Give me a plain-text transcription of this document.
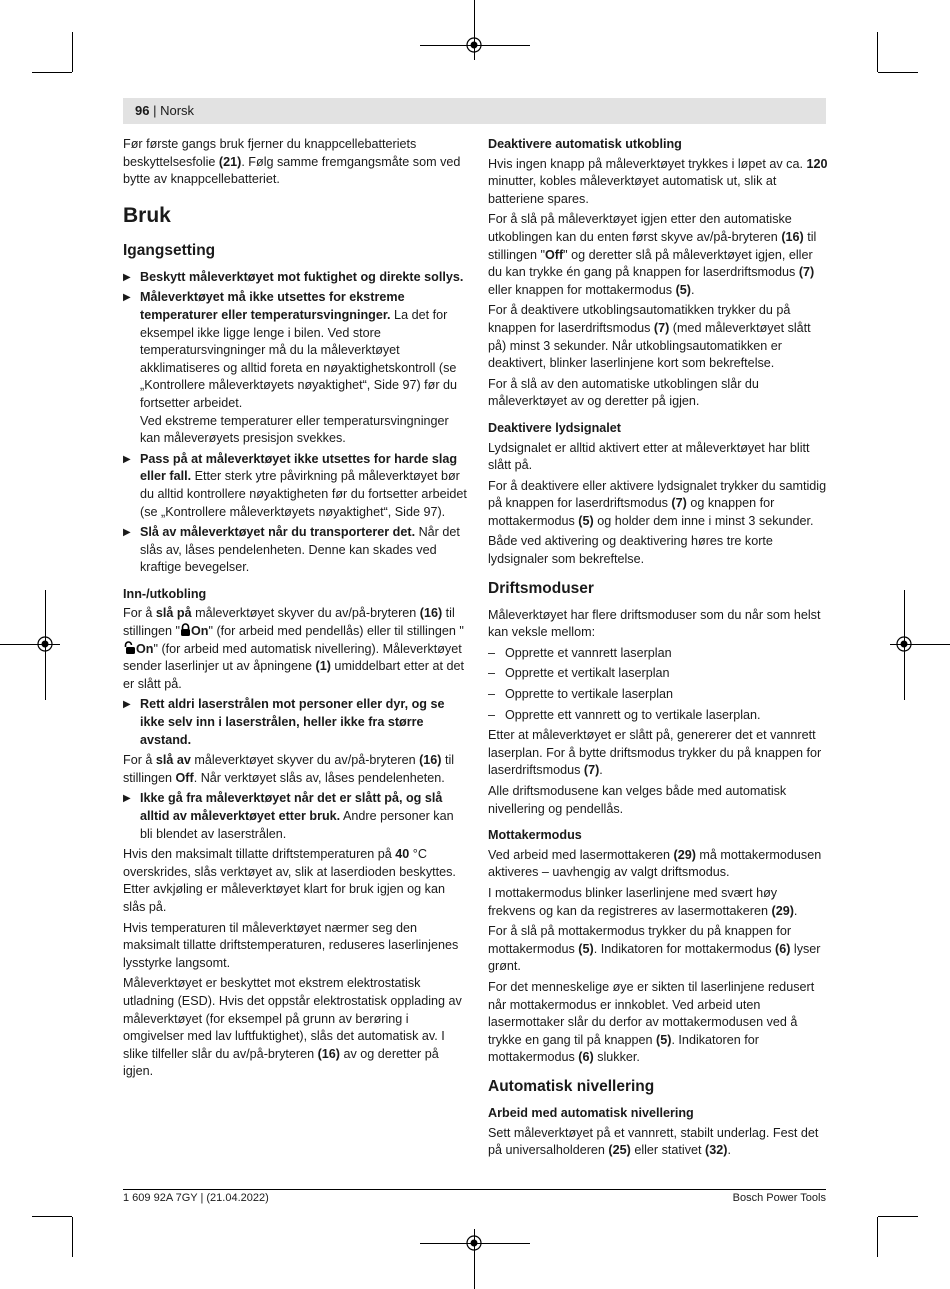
96 | Norsk

Før første gangs bruk fjerner du knappcellebatteriets beskyttelsesfolie (21). Følg samme fremgangsmåte som ved bytte av knappcellebatteriet.

Bruk
Igangsetting
▶ Beskytt måleverktøyet mot fuktighet og direkte sollys.
▶ Måleverktøyet må ikke utsettes for ekstreme temperaturer eller temperatursvingninger. La det for eksempel ikke ligge lenge i bilen. Ved store temperatursvingninger må du la måleverktøyet akklimatiseres og alltid foreta en nøyaktighetskontroll (se „Kontrollere måleverktøyets nøyaktighet“, Side 97) før du fortsetter arbeidet.
Ved ekstreme temperaturer eller temperatursvingninger kan måleverøyets presisjon svekkes.
▶ Pass på at måleverktøyet ikke utsettes for harde slag eller fall. Etter sterk ytre påvirkning på måleverktøyet bør du alltid kontrollere nøyaktigheten før du fortsetter arbeidet (se „Kontrollere måleverktøyets nøyaktighet“, Side 97).
▶ Slå av måleverktøyet når du transporterer det. Når det slås av, låses pendelenheten. Denne kan skades ved kraftige bevegelser.
Inn-/utkobling

For å slå på måleverktøyet skyver du av/på-bryteren (16) til stillingen " On" (for arbeid med pendellås) eller til stillingen "On" (for arbeid med automatisk nivellering). Måleverktøyet sender laserlinjer ut av åpningene (1) umiddelbart etter at det er slått på.

▶ Rett aldri laserstrålen mot personer eller dyr, og se ikke selv inn i laserstrålen, heller ikke fra større avstand.

For å slå av måleverktøyet skyver du av/på-bryteren (16) til stillingen Off. Når verktøyet slås av, låses pendelenheten.

▶ Ikke gå fra måleverktøyet når det er slått på, og slå alltid av måleverktøyet etter bruk. Andre personer kan bli blendet av laserstrålen.

Hvis den maksimalt tillatte driftstemperaturen på 40 °C overskrides, slås verktøyet av, slik at laserdioden beskyttes. Etter avkjøling er måleverktøyet klart for bruk igjen og kan slås på.

Hvis temperaturen til måleverktøyet nærmer seg den maksimalt tillatte driftstemperaturen, reduseres laserlinjenes lysstyrke langsomt.

Måleverktøyet er beskyttet mot ekstrem elektrostatisk utladning (ESD). Hvis det oppstår elektrostatisk opplading av måleverktøyet (for eksempel på grunn av berøring i omgivelser med lav luftfuktighet), slås det automatisk av. I slike tilfeller slår du av/på-bryteren (16) av og deretter på igjen.

Deaktivere automatisk utkobling

Hvis ingen knapp på måleverktøyet trykkes i løpet av ca. 120 minutter, kobles måleverktøyet automatisk ut, slik at batteriene spares.

For å slå på måleverktøyet igjen etter den automatiske utkoblingen kan du enten først skyve av/på-bryteren (16) til stillingen "Off" og deretter slå på måleverktøyet igjen, eller du kan trykke én gang på knappen for laserdriftsmodus (7) eller knappen for mottakermodus (5).

For å deaktivere utkoblingsautomatikken trykker du på knappen for laserdriftsmodus (7) (med måleverktøyet slått på) minst 3 sekunder. Når utkoblingsautomatikken er deaktivert, blinker laserlinjene kort som bekreftelse.

For å slå av den automatiske utkoblingen slår du måleverktøyet av og deretter på igjen.

Deaktivere lydsignalet

Lydsignalet er alltid aktivert etter at måleverktøyet har blitt slått på.

For å deaktivere eller aktivere lydsignalet trykker du samtidig på knappen for laserdriftsmodus (7) og knappen for mottakermodus (5) og holder dem inne i minst 3 sekunder.

Både ved aktivering og deaktivering høres tre korte lydsignaler som bekreftelse.

Driftsmoduser

Måleverktøyet har flere driftsmoduser som du når som helst kan veksle mellom:

– Opprette et vannrett laserplan
– Opprette et vertikalt laserplan
– Opprette to vertikale laserplan
– Opprette ett vannrett og to vertikale laserplan.

Etter at måleverktøyet er slått på, genererer det et vannrett laserplan. For å bytte driftsmodus trykker du på knappen for laserdriftsmodus (7).

Alle driftsmodusene kan velges både med automatisk nivellering og pendellås.

Mottakermodus

Ved arbeid med lasermottakeren (29) må mottakermodusen aktiveres – uavhengig av valgt driftsmodus.

I mottakermodus blinker laserlinjene med svært høy frekvens og kan da registreres av lasermottakeren (29).

For å slå på mottakermodus trykker du på knappen for mottakermodus (5). Indikatoren for mottakermodus (6) lyser grønt.

For det menneskelige øye er sikten til laserlinjene redusert når mottakermodus er innkoblet. Ved arbeid uten lasermottaker slår du derfor av mottakermodusen ved å trykke en gang til på knappen (5). Indikatoren for mottakermodus (6) slukker.

Automatisk nivellering
Arbeid med automatisk nivellering

Sett måleverktøyet på et vannrett, stabilt underlag. Fest det på universalholderen (25) eller stativet (32).

1 609 92A 7GY | (21.04.2022)	Bosch Power Tools
